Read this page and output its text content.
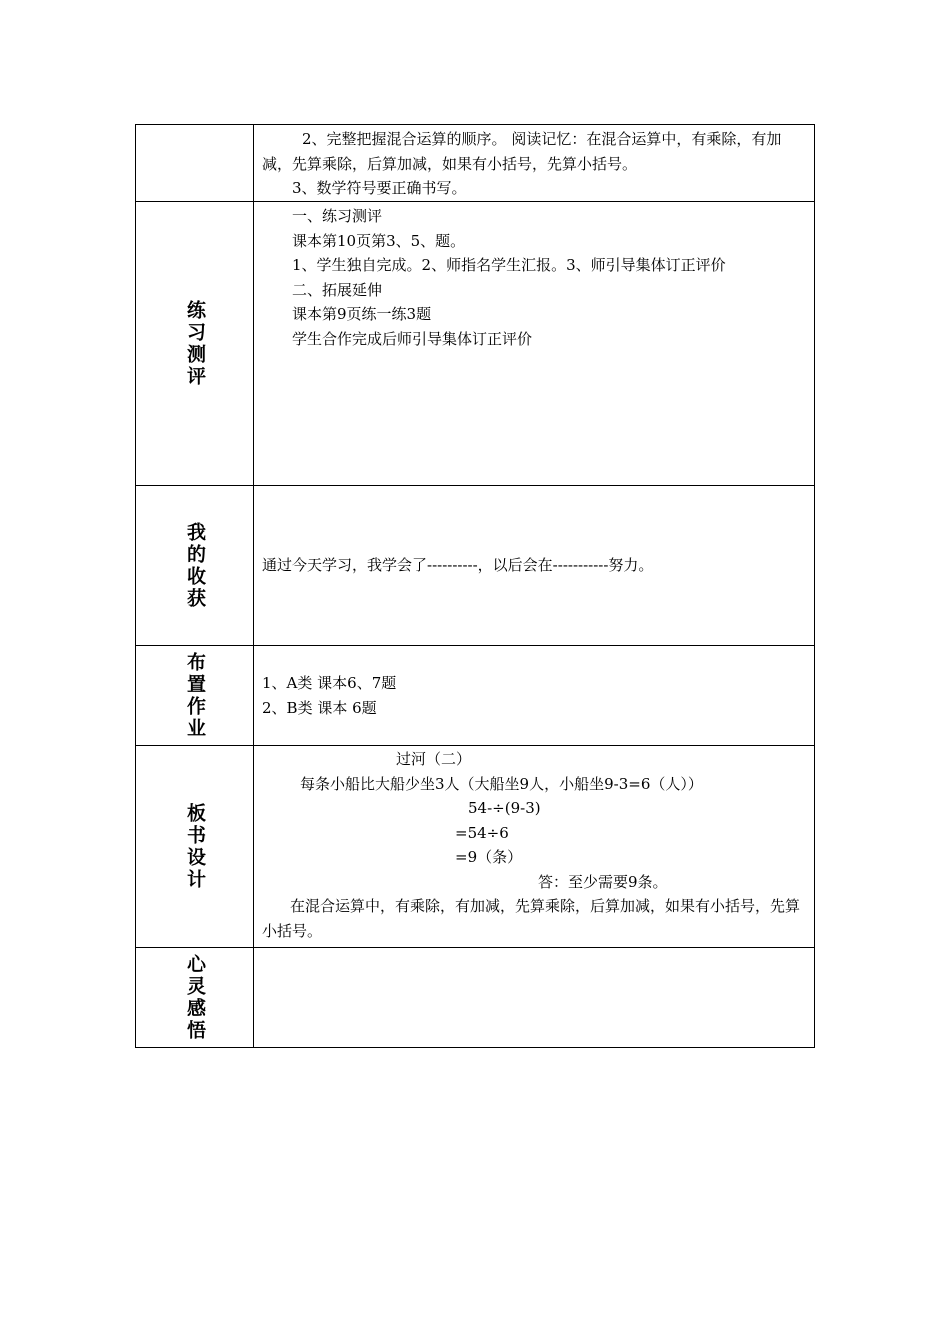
2、完整把握混合运算的顺序。 阅读记忆：在混合运算中，有乘除，有加减，先算乘除，后算加减，如果有小括号，先算小括号。

3、数学符号要正确书写。

练习测评

一、练习测评

课本第10页第3、5、题。

1、学生独自完成。2、师指名学生汇报。3、师引导集体订正评价

二、拓展延伸

课本第9页练一练3题

学生合作完成后师引导集体订正评价

我的收获	通过今天学习，我学会了----------，以后会在-----------努力。

布置作业	1、A类 课本6、7题

2、B类 课本 6题

板书设计

过河（二）

每条小船比大船少坐3人（大船坐9人，小船坐9-3=6（人））

54-÷(9-3)

=54÷6

=9（条）

答：至少需要9条。

在混合运算中，有乘除，有加减，先算乘除，后算加减，如果有小括号，先算小括号。

心灵感悟
